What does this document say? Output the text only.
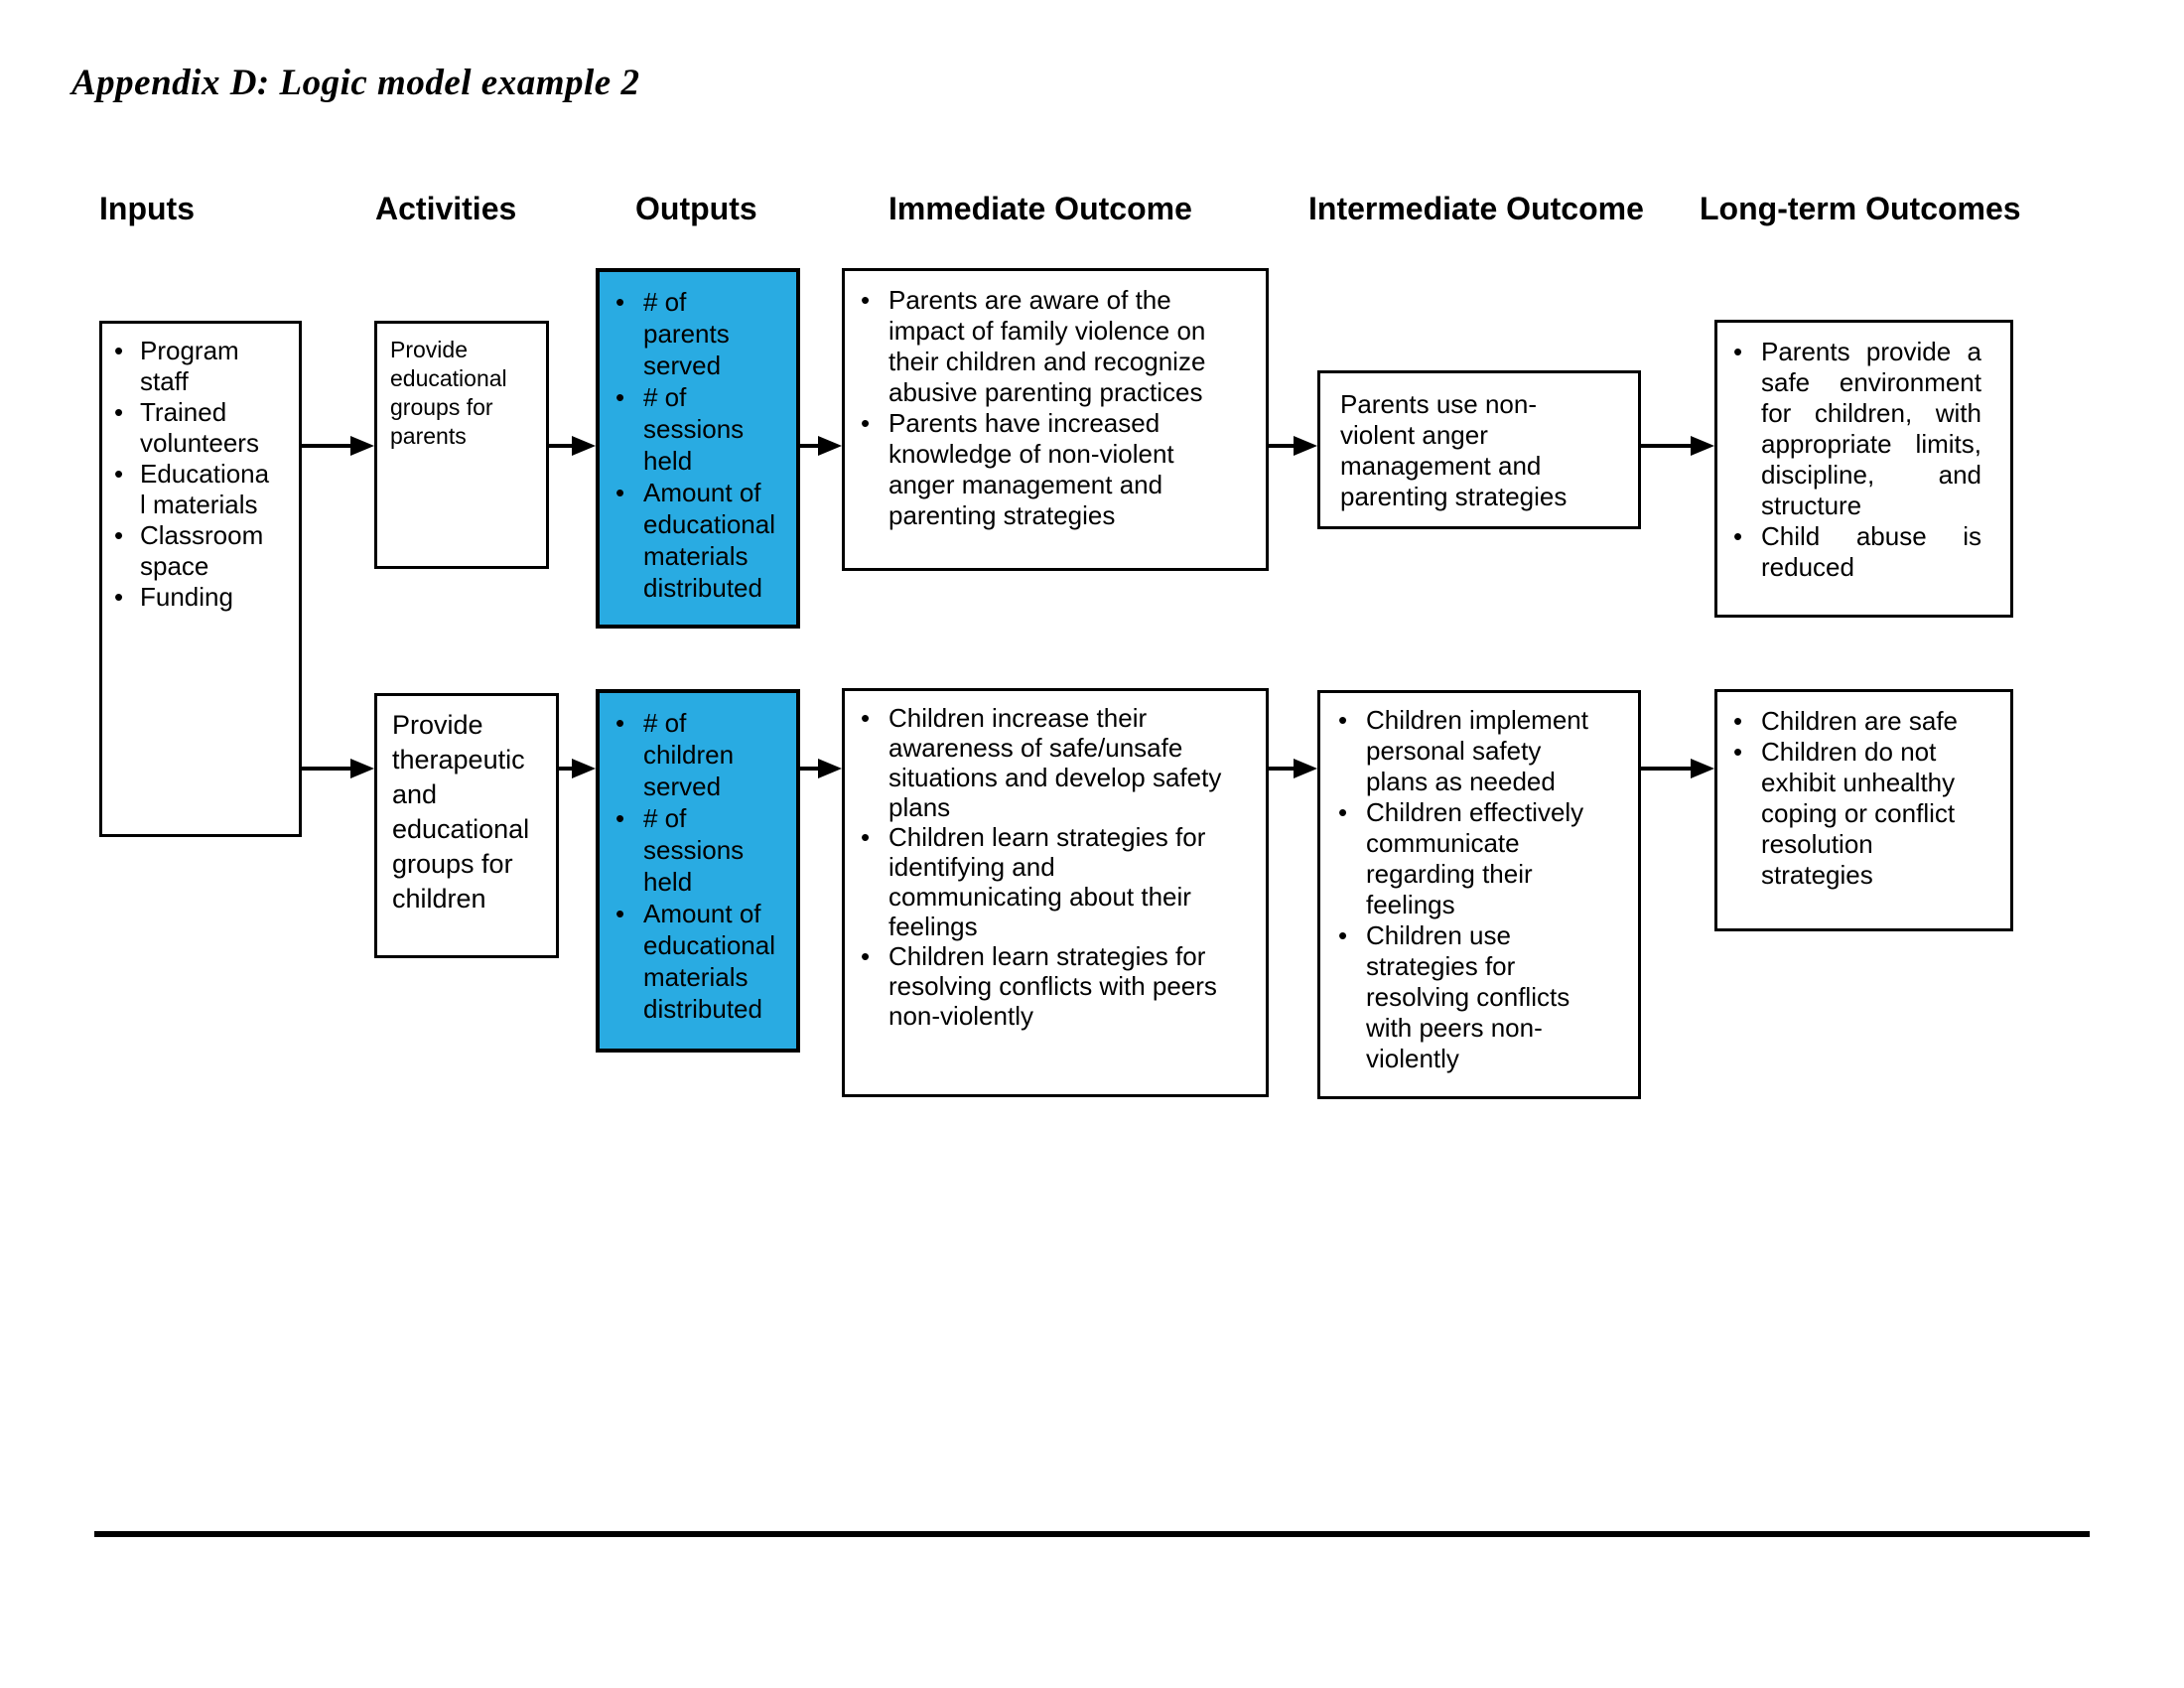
Appendix D: Logic model example 2
Inputs	Activities	Outputs	Immediate Outcome	Intermediate Outcome Long-term Outcomes
• Program staff
• Trained volunteers
• Educational materials
• Classroom space
• Funding
Provide educational groups for parents
• # of parents served
• # of sessions held
• Amount of educational materials distributed
• Parents are aware of the impact of family violence on their children and recognize abusive parenting practices
• Parents have increased knowledge of non-violent anger management and parenting strategies
Parents use non-violent anger management and parenting strategies
• Parents provide a safe environment for children, with appropriate limits, discipline, and structure
• Child abuse is reduced
Provide therapeutic and educational groups for children
• # of children served
• # of sessions held
• Amount of educational materials distributed
• Children increase their awareness of safe/unsafe situations and develop safety plans
• Children learn strategies for identifying and communicating about their feelings
• Children learn strategies for resolving conflicts with peers non-violently
• Children implement personal safety plans as needed
• Children effectively communicate regarding their feelings
• Children use strategies for resolving conflicts with peers non-violently
• Children are safe
• Children do not exhibit unhealthy coping or conflict resolution strategies
